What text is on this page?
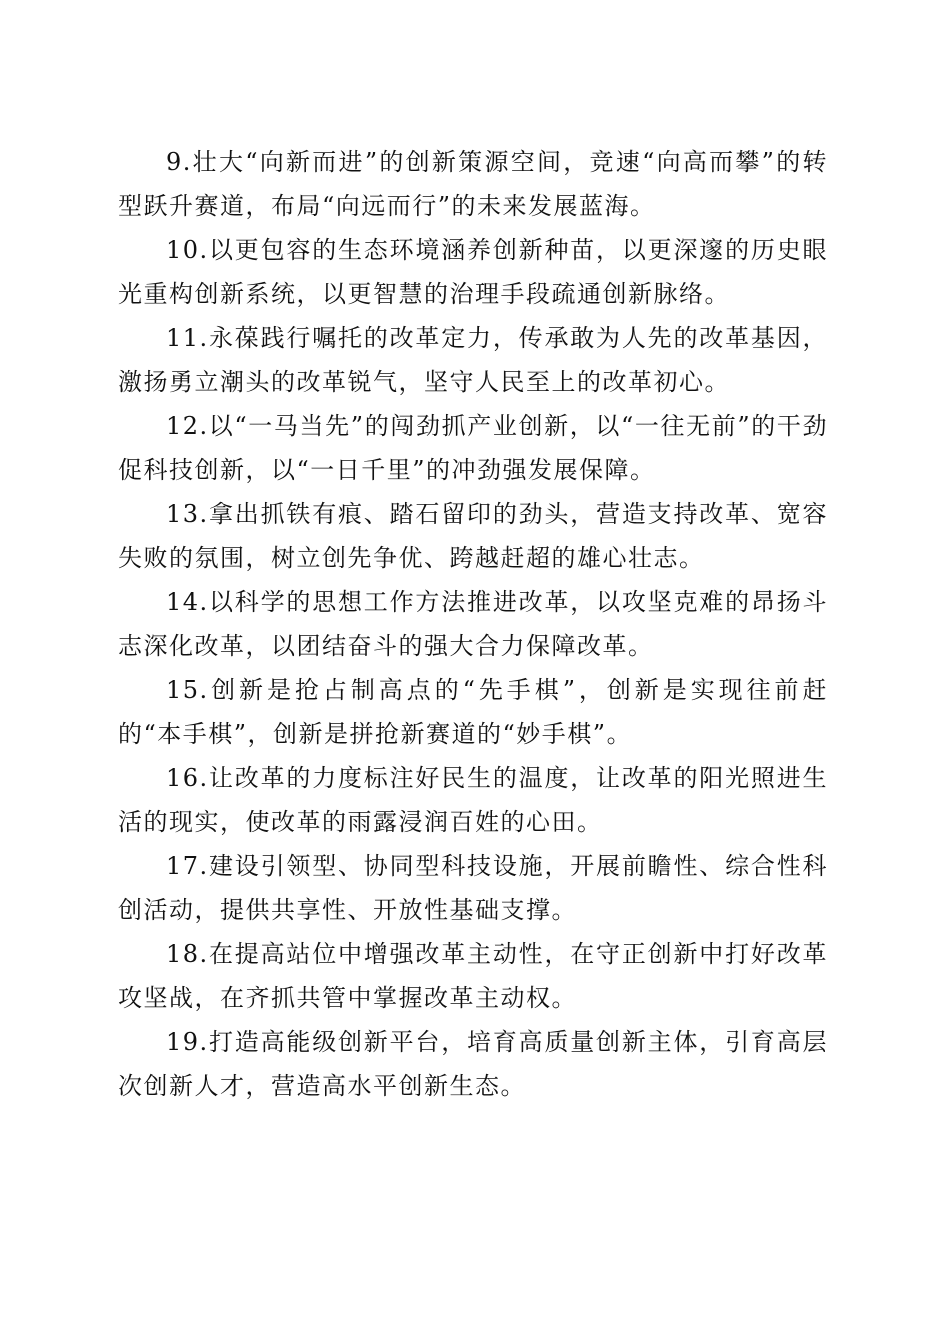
9.壮大“向新而进”的创新策源空间，竞速“向高而攀”的转型跃升赛道，布局“向远而行”的未来发展蓝海。

10.以更包容的生态环境涵养创新种苗，以更深邃的历史眼光重构创新系统，以更智慧的治理手段疏通创新脉络。

11.永葆践行嘱托的改革定力，传承敢为人先的改革基因，激扬勇立潮头的改革锐气，坚守人民至上的改革初心。

12.以“一马当先”的闯劲抓产业创新，以“一往无前”的干劲促科技创新，以“一日千里”的冲劲强发展保障。

13.拿出抓铁有痕、踏石留印的劲头，营造支持改革、宽容失败的氛围，树立创先争优、跨越赶超的雄心壮志。

14.以科学的思想工作方法推进改革，以攻坚克难的昂扬斗志深化改革，以团结奋斗的强大合力保障改革。

15.创新是抢占制高点的“先手棋”，创新是实现往前赶的“本手棋”，创新是拼抢新赛道的“妙手棋”。

16.让改革的力度标注好民生的温度，让改革的阳光照进生活的现实，使改革的雨露浸润百姓的心田。

17.建设引领型、协同型科技设施，开展前瞻性、综合性科创活动，提供共享性、开放性基础支撑。

18.在提高站位中增强改革主动性，在守正创新中打好改革攻坚战，在齐抓共管中掌握改革主动权。

19.打造高能级创新平台，培育高质量创新主体，引育高层次创新人才，营造高水平创新生态。
